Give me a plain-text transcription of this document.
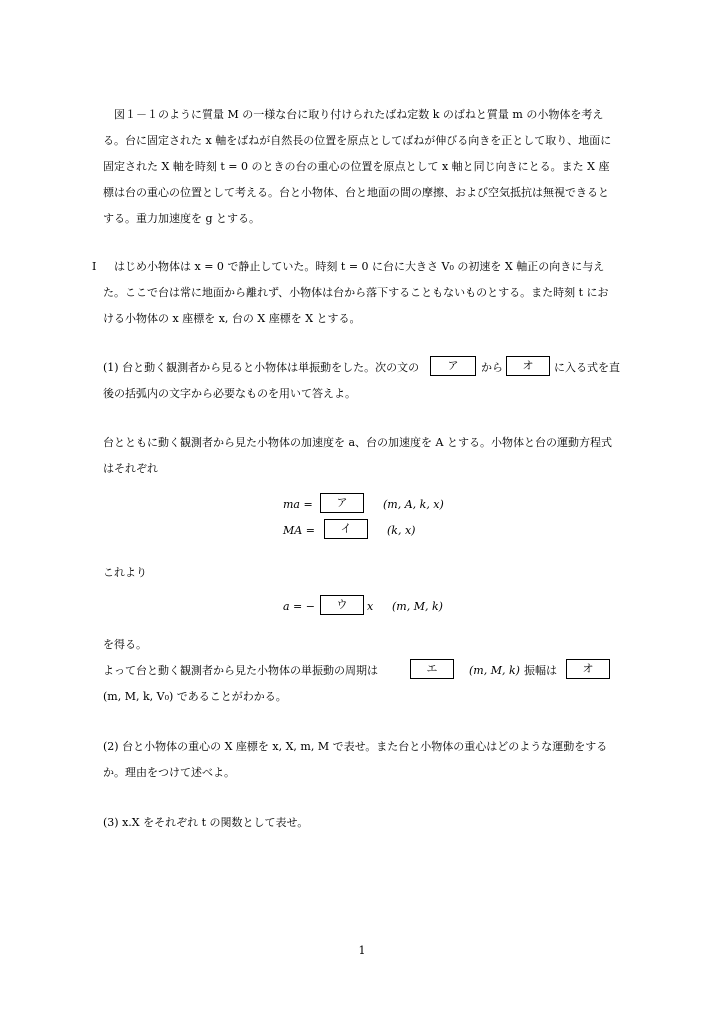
図１－１のように質量 M の一様な台に取り付けられたばね定数 k のばねと質量 m の小物体を考え
る。台に固定された x 軸をばねが自然長の位置を原点としてばねが伸びる向きを正として取り、地面に
固定された X 軸を時刻 t = 0 のときの台の重心の位置を原点として x 軸と同じ向きにとる。また X 座
標は台の重心の位置として考える。台と小物体、台と地面の間の摩擦、および空気抵抗は無視できると
する。重力加速度を g とする。
I はじめ小物体は x = 0 で静止していた。時刻 t = 0 に台に大きさ V₀ の初速を X 軸正の向きに与え
た。ここで台は常に地面から離れず、小物体は台から落下することもないものとする。また時刻 t にお
ける小物体の x 座標を x, 台の X 座標を X とする。
(1) 台と動く観測者から見ると小物体は単振動をした。次の文の	ア	から	オ	に入る式を直
後の括弧内の文字から必要なものを用いて答えよ。
台とともに動く観測者から見た小物体の加速度を a、台の加速度を A とする。小物体と台の運動方程式
はそれぞれ
ma =	ア	(m, A, k, x)
MA =	イ	(k, x)
これより
a = −	ウ	x (m, M, k)
を得る。
よって台と動く観測者から見た小物体の単振動の周期は	エ	(m, M, k) 振幅は	オ
(m, M, k, V₀) であることがわかる。
(2) 台と小物体の重心の X 座標を x, X, m, M で表せ。また台と小物体の重心はどのような運動をする
か。理由をつけて述べよ。
(3) x.X をそれぞれ t の関数として表せ。
1
